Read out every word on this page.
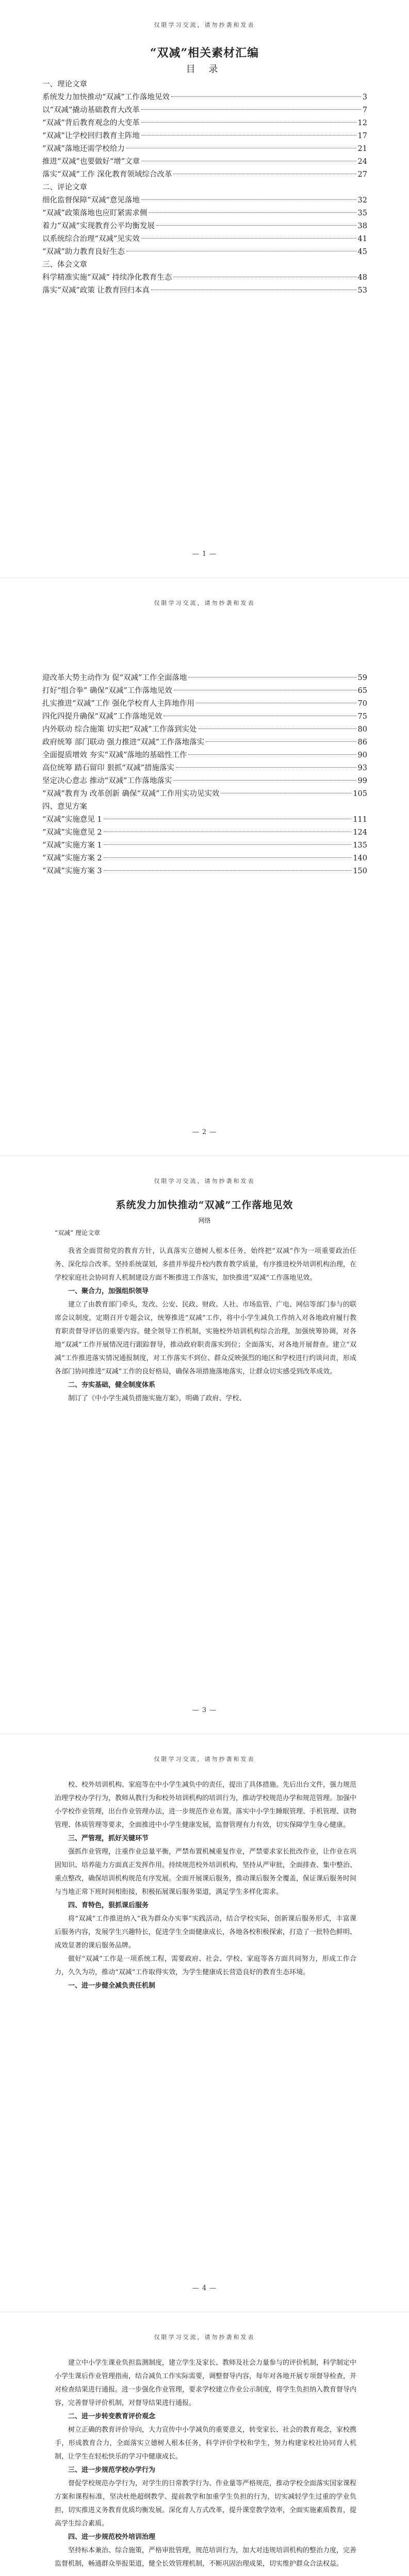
仅限学习交流，请勿抄袭和发表
“双减”相关素材汇编
目 录
一、理论文章
系统发力加快推动“双减”工作落地见效	3
以“双减”撬动基础教育大改革	7
“双减”背后教育观念的大变革	12
“双减”让学校回归教育主阵地	17
“双减”落地还需学校给力	21
推进“双减”也要做好“增”文章	24
落实“双减”工作 深化教育领域综合改革	27
二、评论文章
细化监督保障“双减”意见落地	32
“双减”政策落地也应盯紧需求侧	35
着力“双减”实现教育公平均衡发展	38
以系统综合治理“双减”见实效	41
“双减”助力教育良好生态	45
三、体会文章
科学精准实施“双减” 持续净化教育生态	48
落实“双减”政策 让教育回归本真	53
— 1 —
仅限学习交流，请勿抄袭和发表
迎改革大势主动作为 促“双减”工作全面落地	59
打好“组合拳” 确保“双减”工作落地见效	65
扎实推进“双减”工作 强化学校育人主阵地作用	70
四化四提升确保“双减”工作落地见效	75
内外联动 综合施策 切实把“双减”工作落到实处	80
政府统筹 部门联动 强力推进“双减”工作落地落实	86
全面提质增效 夯实“双减”落地的基础性工作	90
高位统筹 踏石留印 狠抓“双减”措施落实	93
坚定决心意志 推动“双减”工作落地落实	99
“双减”教育为 改革创新 确保“双减”工作用实功见实效	105
四、意见方案
“双减”实施意见 1	111
“双减”实施意见 2	124
“双减”实施方案 1	135
“双减”实施方案 2	140
“双减”实施方案 3	150
— 2 —
仅限学习交流，请勿抄袭和发表
系统发力加快推动“双减”工作落地见效
网络
“双减” 理论文章

我省全面贯彻党的教育方针，认真落实立德树人根本任务，始终把“双减”作为一项重要政治任务、深化综合改革。坚持系统谋划，多措并举提升校内教育教学质量，有序推进校外培训机构治理，在学校家庭社会协同育人机制建设方面不断推进工作落实，加快推进“双减”工作落地见效。

一、聚合力，加强组织领导

建立了由教育部门牵头，发改、公安、民政、财政、人社、市场监管、广电、网信等部门参与的联席会议制度，定期召开专题会议，统筹推进“双减”工作，将中小学生减负工作纳入对各地政府履行教育职责督导评估的重要内容。健全领导工作机制，实施校外培训机构综合治理，加强统筹协调，对各地“双减”工作开展情况进行跟踪督导，推动政府职责落实到位；全面落实，对各地开展督查。建立“双减”工作推进落实情况通报制度，对工作落实不到位、群众反映强烈的地区和学校进行约谈问责，形成各部门协同推进“双减”工作的良好格局，确保各项措施落地落实，让群众切实感受到改革成效。

二、夯实基础，健全制度体系

制订了《中小学生减负措施实施方案》，明确了政府、学校、

— 3 —
仅限学习交流，请勿抄袭和发表

校、校外培训机构、家庭等在中小学生减负中的责任，提出了具体措施。先后出台文件，强力规范治理学校办学行为，教师从教行为和校外培训机构的培训行为，推动学校规范办学和规范管理。加强中小学校作业管理，出台作业管理办法，进一步规范作业布置。落实中小学生睡眠管理、手机管理、读物管理、体质管理等要求，全面推进中小学生健康发展，监督管理有力有效，切实保障学生身心健康。

三、严管理，抓好关键环节

强抓作业管理，注重作业总量平衡，严禁布置机械重复作业，严禁要求家长批改作业，让作业在巩固知识、培养能力方面真正发挥作用。持续规范校外培训机构，坚持从严审批，全面排查、集中整治、重点整改，确保培训机构规范有序发展。全面开展课后服务，推动课后服务全覆盖，保证课后服务时间与当地正常下班时间相衔接，积极拓展课后服务渠道，满足学生多样化需求。

四、育特色，狠抓课后服务

将“双减”工作推进纳入“我为群众办实事”实践活动，结合学校实际，创新课后服务形式，丰富课后服务内容，发展学生兴趣特长，促进学生全面健康成长，各地各校积极探索，打造了一批特色鲜明、成效显著的课后服务品牌。

做好“双减”工作是一项系统工程，需要政府、社会、学校、家庭等各方面共同努力，形成工作合力，久久为功，推动“双减”工作取得实效，为学生健康成长营造良好的教育生态环境。

一、进一步健全减负责任机制
— 4 —
仅限学习交流，请勿抄袭和发表

建立中小学生课业负担监测制度，建立学生及家长、教师及社会力量参与的评价机制，科学制定中小学生课后作业管理指南，结合减负工作实际需要，调整督导内容，每年对各地开展专项督导检查，并对检查结果进行通报。进一步强化作业管理，要求学校建立作业公示制度，将学生负担纳入教育督导内容，完善督导评价机制，对督导结果进行通报。

二、进一步转变教育评价观念

树立正确的教育评价导向，大力宣传中小学减负的重要意义，转变家长、社会的教育观念，家校携手，形成教育合力，全面落实立德树人根本任务，科学评价学校和学生，努力构建家校社协同育人机制，让学生在轻松快乐的学习中健康成长。

三、进一步规范学校办学行为

督促学校规范办学行为，对学生的日常教学行为、作业量等严格规范，推动学校全面落实国家课程方案和课程标准，坚决杜绝超纲教学、提前教学和加重学生负担的行为，切实减轻学生过重的学业负担，切实推进义务教育优质均衡发展。深化育人方式改革，提升课堂教学效率，全面实施素质教育，提高学生综合素质。

四、进一步规范校外培训治理

坚持标本兼治、综合施策，严格审批管理，规范培训行为，加大对违规培训机构的整治力度，完善监督机制，畅通群众举报渠道，健全长效管理机制，不断巩固治理成果，切实维护群众合法权益。
